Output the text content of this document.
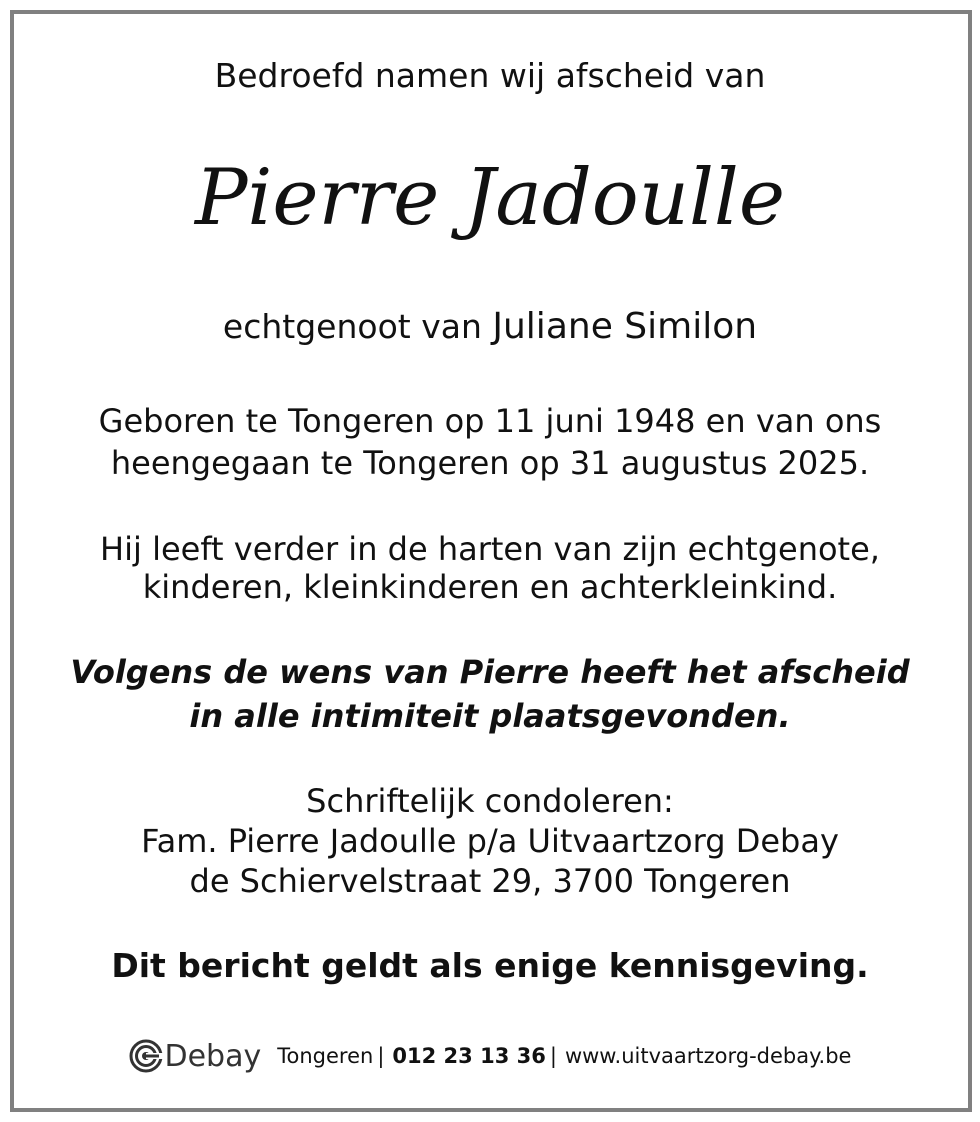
Bedroefd namen wij afscheid van
Pierre Jadoulle
echtgenoot van Juliane Similon
Geboren te Tongeren op 11 juni 1948 en van ons
heengegaan te Tongeren op 31 augustus 2025.
Hij leeft verder in de harten van zijn echtgenote,
kinderen, kleinkinderen en achterkleinkind.
Volgens de wens van Pierre heeft het afscheid
in alle intimiteit plaatsgevonden.
Schriftelijk condoleren:
Fam. Pierre Jadoulle p/a Uitvaartzorg Debay
de Schiervelstraat 29, 3700 Tongeren
Dit bericht geldt als enige kennisgeving.
Debay Tongeren | 012 23 13 36 | www.uitvaartzorg-debay.be
